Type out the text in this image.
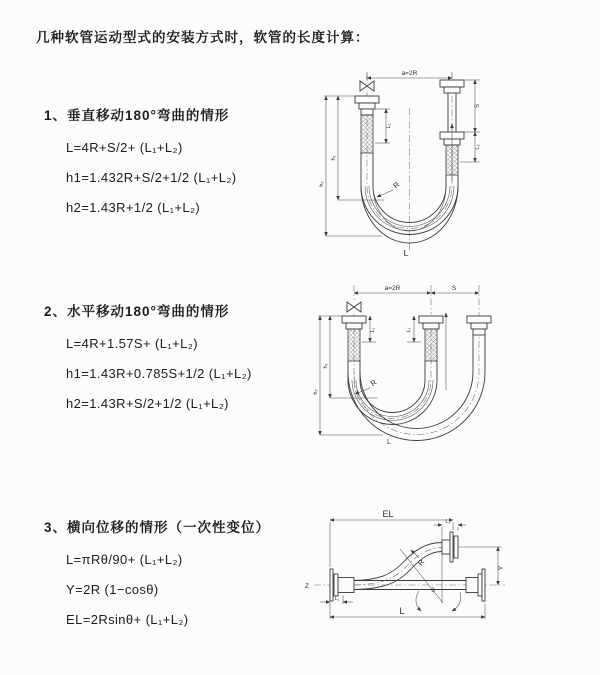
几种软管运动型式的安装方式时，软管的长度计算：
1、垂直移动180°弯曲的情形
L=4R+S/2+ (L₁+L₂)
h1=1.432R+S/2+1/2 (L₁+L₂)
h2=1.43R+1/2 (L₁+L₂)
2、水平移动180°弯曲的情形
L=4R+1.57S+ (L₁+L₂)
h1=1.43R+0.785S+1/2 (L₁+L₂)
h2=1.43R+S/2+1/2 (L₁+L₂)
3、横向位移的情形（一次性变位）
L=πRθ/90+ (L₁+L₂)
Y=2R (1−cosθ)
EL=2Rsinθ+ (L₁+L₂)
a=2R
S
L₂
h₁
h₂
L₁
R
L
a=2R	S
L₁	L₂
h₁
h₂
R
L
Z
θ
EL
L₂
Y
R
L
L₁
